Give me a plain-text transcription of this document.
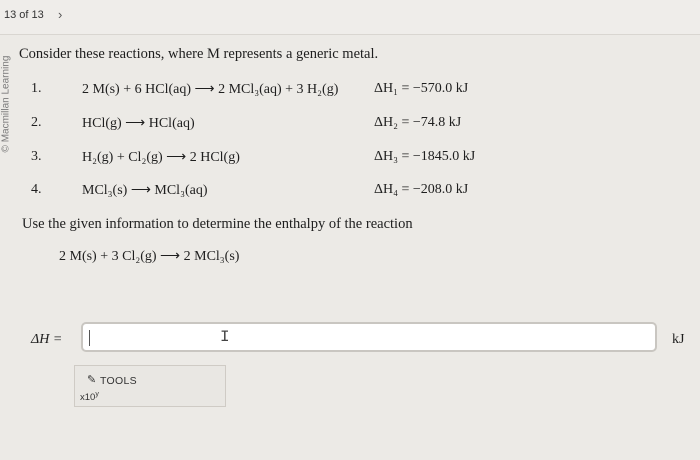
13 of 13 ›
© Macmillan Learning
Consider these reactions, where M represents a generic metal.
1.	2 M(s) + 6 HCl(aq) ⟶ 2 MCl₃(aq) + 3 H₂(g)	ΔH₁ = −570.0 kJ
2.	HCl(g) ⟶ HCl(aq)	ΔH₂ = −74.8 kJ
3.	H₂(g) + Cl₂(g) ⟶ 2 HCl(g)	ΔH₃ = −1845.0 kJ
4.	MCl₃(s) ⟶ MCl₃(aq)	ΔH₄ = −208.0 kJ
Use the given information to determine the enthalpy of the reaction
2 M(s) + 3 Cl₂(g) ⟶ 2 MCl₃(s)
ΔH =	I	kJ
✎ TOOLS
x10$^y$
